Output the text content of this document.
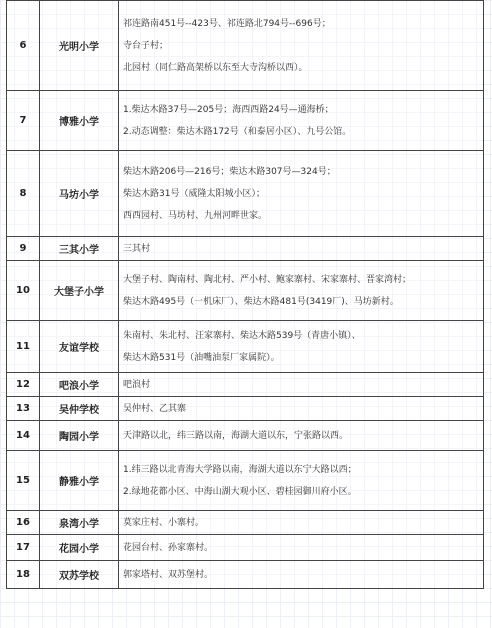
6	光明小学	祁连路南451号--423号、祁连路北794号--696号；
寺台子村；
北园村（同仁路高架桥以东至大寺沟桥以西）。

7	博雅小学	1.柴达木路37号—205号；海西西路24号—通海桥；
2.动态调整：柴达木路172号（和泰居小区）、九号公馆。

8	马坊小学	柴达木路206号—216号；柴达木路307号—324号；
柴达木路31号（威隆太阳城小区）；
西西园村、马坊村、九州河畔世家。

9	三其小学	三其村

10	大堡子小学	大堡子村、陶南村、陶北村、严小村、鲍家寨村、宋家寨村、晋家湾村；
柴达木路495号（一机床厂）、柴达木路481号(3419厂)、马坊新村。

11	友谊学校	朱南村、朱北村、汪家寨村、柴达木路539号（青唐小镇）、
柴达木路531号（油嘴油泵厂家属院）。

12	吧浪小学	吧浪村

13	吴仲学校	吴仲村、乙其寨

14	陶园小学	天津路以北，纬三路以南，海湖大道以东，宁张路以西。

15	静雅小学	1.纬三路以北青海大学路以南，海湖大道以东宁大路以西；
2.绿地花都小区、中海山湖大观小区、碧桂园御川府小区。

16	泉湾小学	莫家庄村、小寨村。

17	花园小学	花园台村、孙家寨村。

18	双苏学校	郭家塔村、双苏堡村。
